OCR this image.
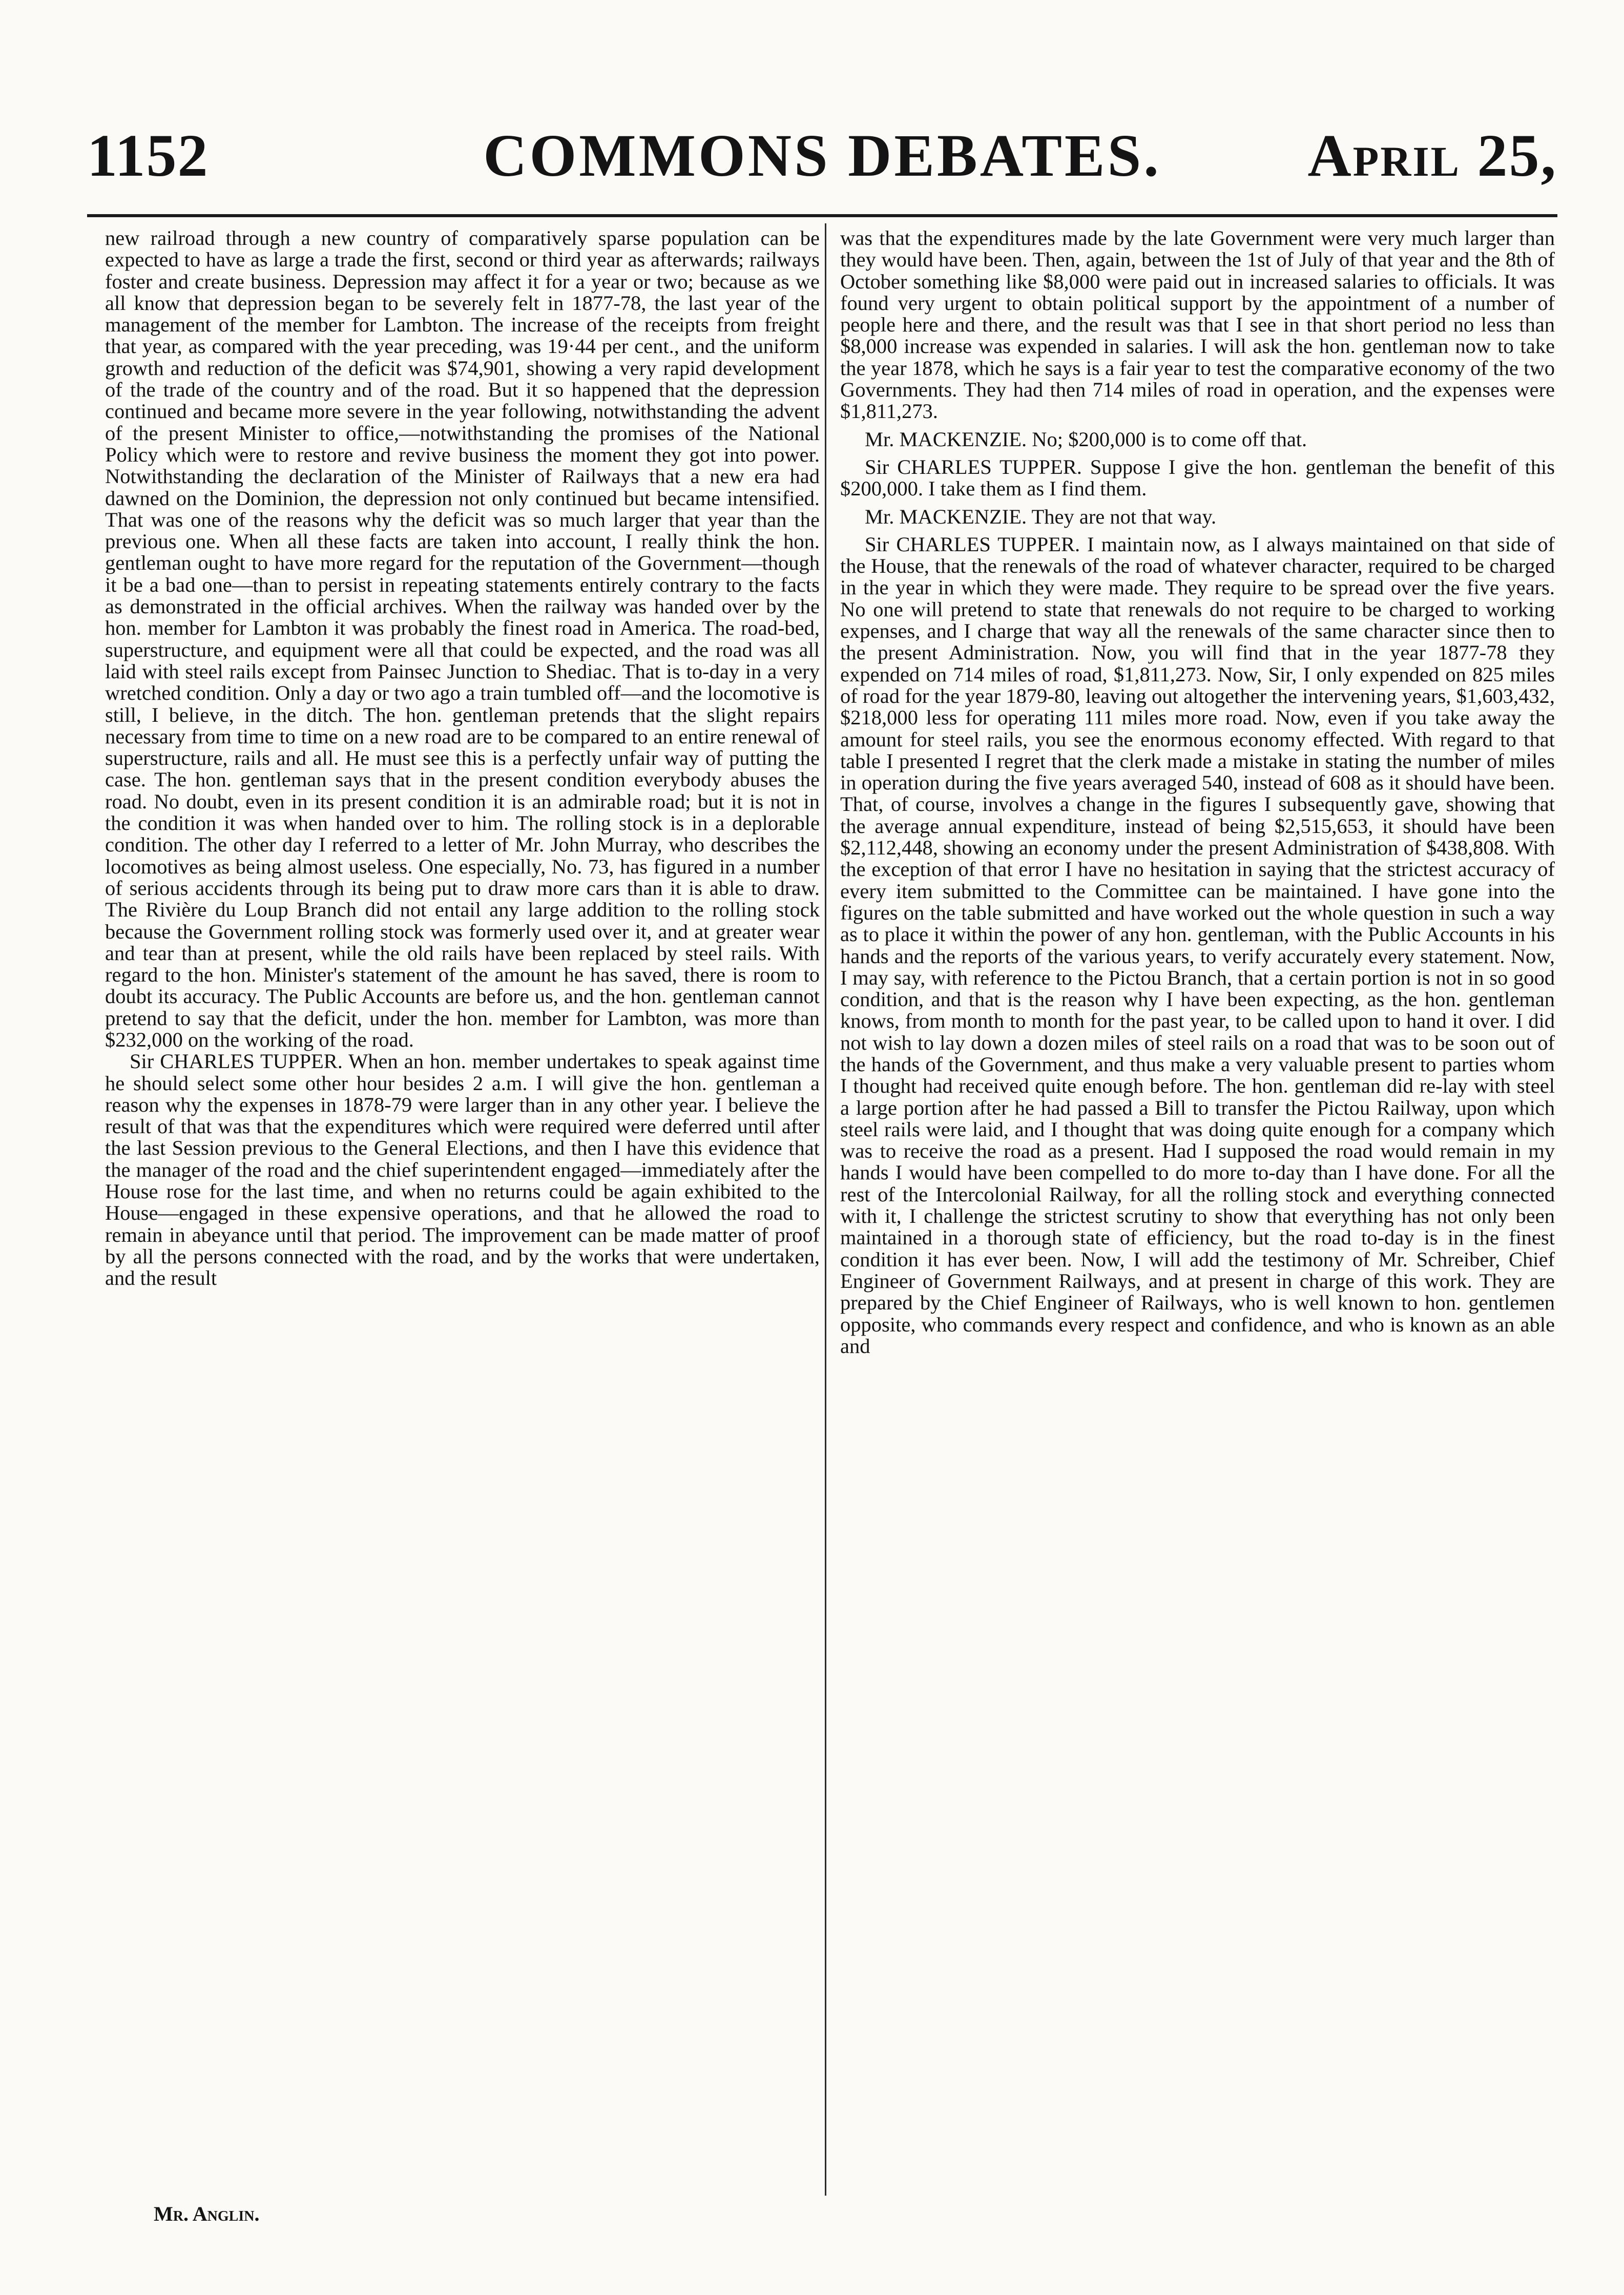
1152	COMMONS DEBATES.	April 25,

new railroad through a new country of comparatively sparse population can be expected to have as large a trade the first, second or third year as afterwards; railways foster and create business. Depression may affect it for a year or two; because as we all know that depression began to be severely felt in 1877-78, the last year of the management of the member for Lambton. The increase of the receipts from freight that year, as compared with the year preceding, was 19·44 per cent., and the uniform growth and reduction of the deficit was $74,901, showing a very rapid development of the trade of the country and of the road. But it so happened that the depression continued and became more severe in the year following, notwithstanding the advent of the present Minister to office,—notwithstanding the promises of the National Policy which were to restore and revive business the moment they got into power. Notwithstanding the declaration of the Minister of Railways that a new era had dawned on the Dominion, the depression not only continued but became intensified. That was one of the reasons why the deficit was so much larger that year than the previous one. When all these facts are taken into account, I really think the hon. gentleman ought to have more regard for the reputation of the Government—though it be a bad one—than to persist in repeating statements entirely contrary to the facts as demonstrated in the official archives. When the railway was handed over by the hon. member for Lambton it was probably the finest road in America. The road-bed, superstructure, and equipment were all that could be expected, and the road was all laid with steel rails except from Painsec Junction to Shediac. That is to-day in a very wretched condition. Only a day or two ago a train tumbled off—and the locomotive is still, I believe, in the ditch. The hon. gentleman pretends that the slight repairs necessary from time to time on a new road are to be compared to an entire renewal of superstructure, rails and all. He must see this is a perfectly unfair way of putting the case. The hon. gentleman says that in the present condition everybody abuses the road. No doubt, even in its present condition it is an admirable road; but it is not in the condition it was when handed over to him. The rolling stock is in a deplorable condition. The other day I referred to a letter of Mr. John Murray, who describes the locomotives as being almost useless. One especially, No. 73, has figured in a number of serious accidents through its being put to draw more cars than it is able to draw. The Rivière du Loup Branch did not entail any large addition to the rolling stock because the Government rolling stock was formerly used over it, and at greater wear and tear than at present, while the old rails have been replaced by steel rails. With regard to the hon. Minister's statement of the amount he has saved, there is room to doubt its accuracy. The Public Accounts are before us, and the hon. gentleman cannot pretend to say that the deficit, under the hon. member for Lambton, was more than $232,000 on the working of the road.

Sir CHARLES TUPPER. When an hon. member undertakes to speak against time he should select some other hour besides 2 a.m. I will give the hon. gentleman a reason why the expenses in 1878-79 were larger than in any other year. I believe the result of that was that the expenditures which were required were deferred until after the last Session previous to the General Elections, and then I have this evidence that the manager of the road and the chief superintendent engaged—immediately after the House rose for the last time, and when no returns could be again exhibited to the House—engaged in these expensive operations, and that he allowed the road to remain in abeyance until that period. The improvement can be made matter of proof by all the persons connected with the road, and by the works that were undertaken, and the result

was that the expenditures made by the late Government were very much larger than they would have been. Then, again, between the 1st of July of that year and the 8th of October something like $8,000 were paid out in increased salaries to officials. It was found very urgent to obtain political support by the appointment of a number of people here and there, and the result was that I see in that short period no less than $8,000 increase was expended in salaries. I will ask the hon. gentleman now to take the year 1878, which he says is a fair year to test the comparative economy of the two Governments. They had then 714 miles of road in operation, and the expenses were $1,811,273.

Mr. MACKENZIE. No; $200,000 is to come off that.

Sir CHARLES TUPPER. Suppose I give the hon. gentleman the benefit of this $200,000. I take them as I find them.

Mr. MACKENZIE. They are not that way.

Sir CHARLES TUPPER. I maintain now, as I always maintained on that side of the House, that the renewals of the road of whatever character, required to be charged in the year in which they were made. They require to be spread over the five years. No one will pretend to state that renewals do not require to be charged to working expenses, and I charge that way all the renewals of the same character since then to the present Administration. Now, you will find that in the year 1877-78 they expended on 714 miles of road, $1,811,273. Now, Sir, I only expended on 825 miles of road for the year 1879-80, leaving out altogether the intervening years, $1,603,432, $218,000 less for operating 111 miles more road. Now, even if you take away the amount for steel rails, you see the enormous economy effected. With regard to that table I presented I regret that the clerk made a mistake in stating the number of miles in operation during the five years averaged 540, instead of 608 as it should have been. That, of course, involves a change in the figures I subsequently gave, showing that the average annual expenditure, instead of being $2,515,653, it should have been $2,112,448, showing an economy under the present Administration of $438,808. With the exception of that error I have no hesitation in saying that the strictest accuracy of every item submitted to the Committee can be maintained. I have gone into the figures on the table submitted and have worked out the whole question in such a way as to place it within the power of any hon. gentleman, with the Public Accounts in his hands and the reports of the various years, to verify accurately every statement. Now, I may say, with reference to the Pictou Branch, that a certain portion is not in so good condition, and that is the reason why I have been expecting, as the hon. gentleman knows, from month to month for the past year, to be called upon to hand it over. I did not wish to lay down a dozen miles of steel rails on a road that was to be soon out of the hands of the Government, and thus make a very valuable present to parties whom I thought had received quite enough before. The hon. gentleman did re-lay with steel a large portion after he had passed a Bill to transfer the Pictou Railway, upon which steel rails were laid, and I thought that was doing quite enough for a company which was to receive the road as a present. Had I supposed the road would remain in my hands I would have been compelled to do more to-day than I have done. For all the rest of the Intercolonial Railway, for all the rolling stock and everything connected with it, I challenge the strictest scrutiny to show that everything has not only been maintained in a thorough state of efficiency, but the road to-day is in the finest condition it has ever been. Now, I will add the testimony of Mr. Schreiber, Chief Engineer of Government Railways, and at present in charge of this work. They are prepared by the Chief Engineer of Railways, who is well known to hon. gentlemen opposite, who commands every respect and confidence, and who is known as an able and

Mr. Anglin.
